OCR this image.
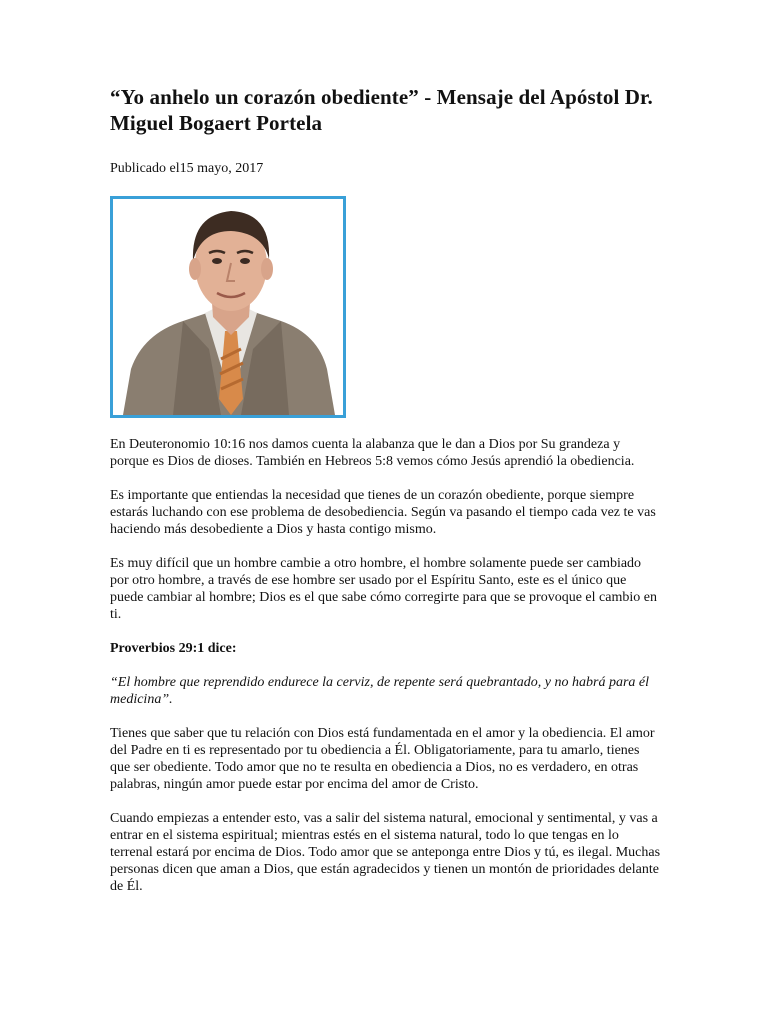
“Yo anhelo un corazón obediente” - Mensaje del Apóstol Dr. Miguel Bogaert Portela

Publicado el15 mayo, 2017

En Deuteronomio 10:16 nos damos cuenta la alabanza que le dan a Dios por Su grandeza y porque es Dios de dioses. También en Hebreos 5:8 vemos cómo Jesús aprendió la obediencia.

Es importante que entiendas la necesidad que tienes de un corazón obediente, porque siempre estarás luchando con ese problema de desobediencia. Según va pasando el tiempo cada vez te vas haciendo más desobediente a Dios y hasta contigo mismo.

Es muy difícil que un hombre cambie a otro hombre, el hombre solamente puede ser cambiado por otro hombre, a través de ese hombre ser usado por el Espíritu Santo, este es el único que puede cambiar al hombre; Dios es el que sabe cómo corregirte para que se provoque el cambio en ti.

Proverbios 29:1 dice:

“El hombre que reprendido endurece la cerviz, de repente será quebrantado, y no habrá para él medicina”.

Tienes que saber que tu relación con Dios está fundamentada en el amor y la obediencia. El amor del Padre en ti es representado por tu obediencia a Él. Obligatoriamente, para tu amarlo, tienes que ser obediente. Todo amor que no te resulta en obediencia a Dios, no es verdadero, en otras palabras, ningún amor puede estar por encima del amor de Cristo.

Cuando empiezas a entender esto, vas a salir del sistema natural, emocional y sentimental, y vas a entrar en el sistema espiritual; mientras estés en el sistema natural, todo lo que tengas en lo terrenal estará por encima de Dios. Todo amor que se anteponga entre Dios y tú, es ilegal. Muchas personas dicen que aman a Dios, que están agradecidos y tienen un montón de prioridades delante de Él.
